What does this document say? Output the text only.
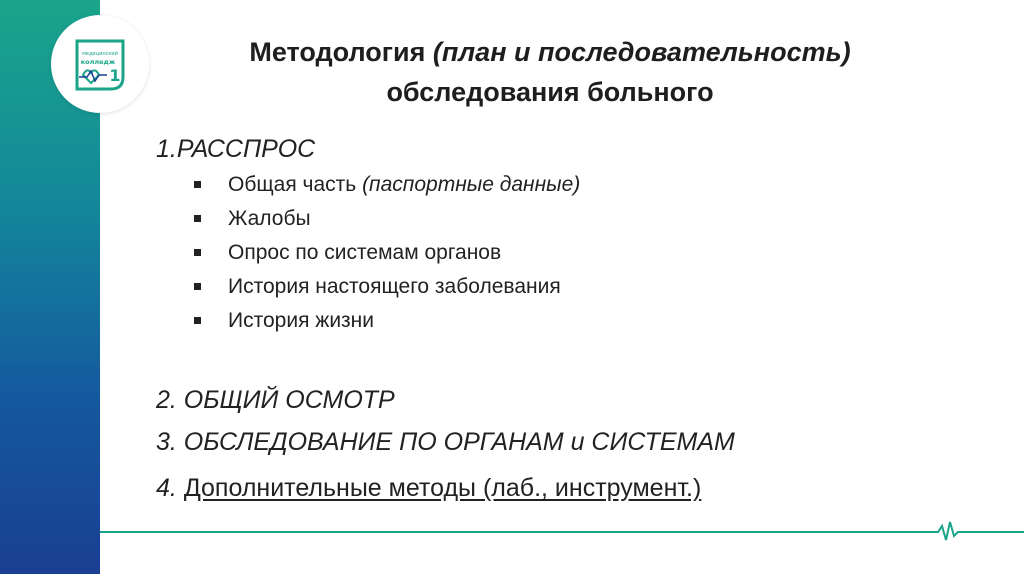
медицинский
колледж
1
Методология (план и последовательность)
обследования больного
1.РАССПРОС
Общая часть (паспортные данные)
Жалобы
Опрос по системам органов
История настоящего заболевания
История жизни
2. ОБЩИЙ ОСМОТР
3. ОБСЛЕДОВАНИЕ ПО ОРГАНАМ и СИСТЕМАМ
4. Дополнительные методы (лаб., инструмент.)
